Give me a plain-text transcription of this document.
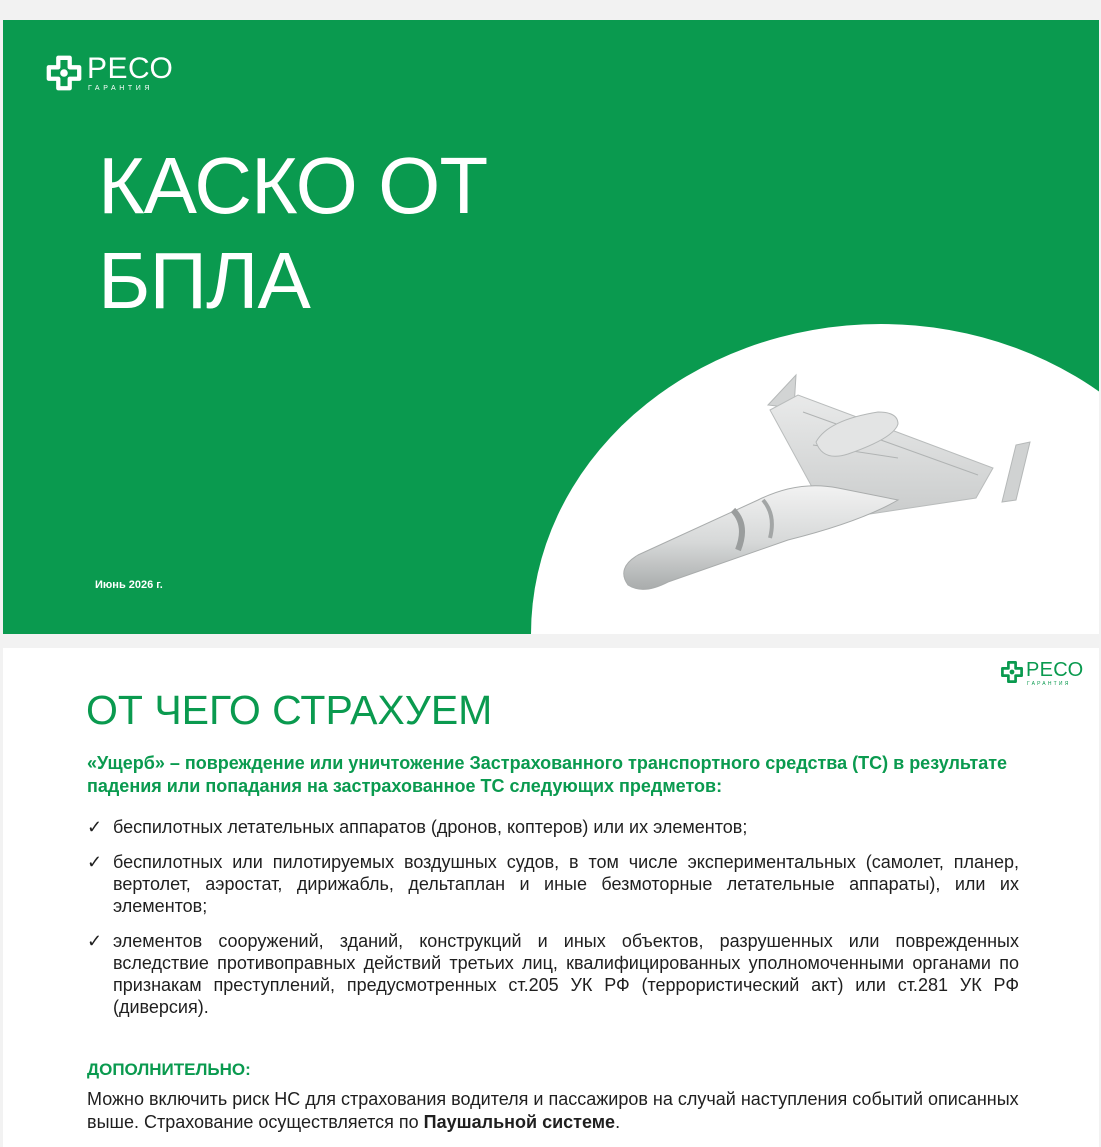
РЕСО
ГАРАНТИЯ
КАСКО ОТ
БПЛА
Июнь 2026 г.
РЕСО
ГАРАНТИЯ
ОТ ЧЕГО СТРАХУЕМ

«Ущерб» – повреждение или уничтожение Застрахованного транспортного средства (ТС) в результате падения или попадания на застрахованное ТС следующих предметов:

✓ беспилотных летательных аппаратов (дронов, коптеров) или их элементов;
✓ беспилотных или пилотируемых воздушных судов, в том числе экспериментальных (самолет, планер, вертолет, аэростат, дирижабль, дельтаплан и иные безмоторные летательные аппараты), или их элементов;
✓ элементов сооружений, зданий, конструкций и иных объектов, разрушенных или поврежденных вследствие противоправных действий третьих лиц, квалифицированных уполномоченными органами по признакам преступлений, предусмотренных ст.205 УК РФ (террористический акт) или ст.281 УК РФ (диверсия).
ДОПОЛНИТЕЛЬНО:

Можно включить риск НС для страхования водителя и пассажиров на случай наступления событий описанных выше. Страхование осуществляется по Паушальной системе.
